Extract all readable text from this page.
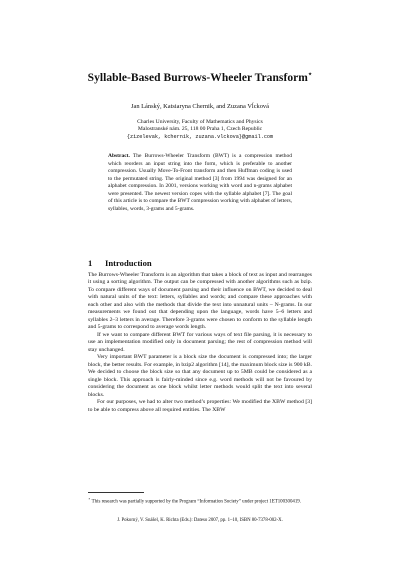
Syllable-Based Burrows-Wheeler Transform⋆
Jan Lánský, Katsiaryna Chernik, and Zuzana Vĺcková
Charles University, Faculty of Mathematics and Physics
Malostranské nám. 25, 118 00 Praha 1, Czech Republic
{zizelevak, kchernik, zuzana.vlckova}@gmail.com
Abstract. The Burrows-Wheeler Transform (BWT) is a compression method which reorders an input string into the form, which is preferable to another compression. Usually Move-To-Front transform and then Huffman coding is used to the permutated string. The original method [3] from 1994 was designed for an alphabet compression. In 2001, versions working with word and n-grams alphabet were presented. The newest version copes with the syllable alphabet [7]. The goal of this article is to compare the BWT compression working with alphabet of letters, syllables, words, 3-grams and 5-grams.
1 Introduction

The Burrows-Wheeler Transform is an algorithm that takes a block of text as input and rearranges it using a sorting algorithm. The output can be compressed with another algorithms such as bzip. To compare different ways of document parsing and their influence on BWT, we decided to deal with natural units of the text: letters, syllables and words; and compare these approaches with each other and also with the methods that divide the text into unnatural units – N-grams. In our measurements we found out that depending upon the language, words have 5–6 letters and syllables 2–3 letters in average. Therefore 3-grams were chosen to conform to the syllable length and 5-grams to correspond to average words length.

If we want to compare different BWT for various ways of text file parsing, it is necessary to use an implementation modified only in document parsing; the rest of compression method will stay unchanged.

Very important BWT parameter is a block size the document is compressed into; the larger block, the better results. For example, in bzip2 algorithm [14], the maximum block size is 900 kB. We decided to choose the block size so that any document up to 5MB could be considered as a single block. This approach is fairly-minded since e.g. word methods will not be favoured by considering the document as one block whilst letter methods would split the text into several blocks.

For our purposes, we had to alter two method’s properties: We modified the XBW method [3] to be able to compress above all required entities. The XBW

⋆ This research was partially supported by the Program “Information Society” under project 1ET100300419.
J. Pokorný, V. Snášel, K. Richta (Eds.): Dateso 2007, pp. 1–10, ISBN 80-7378-002-X.
